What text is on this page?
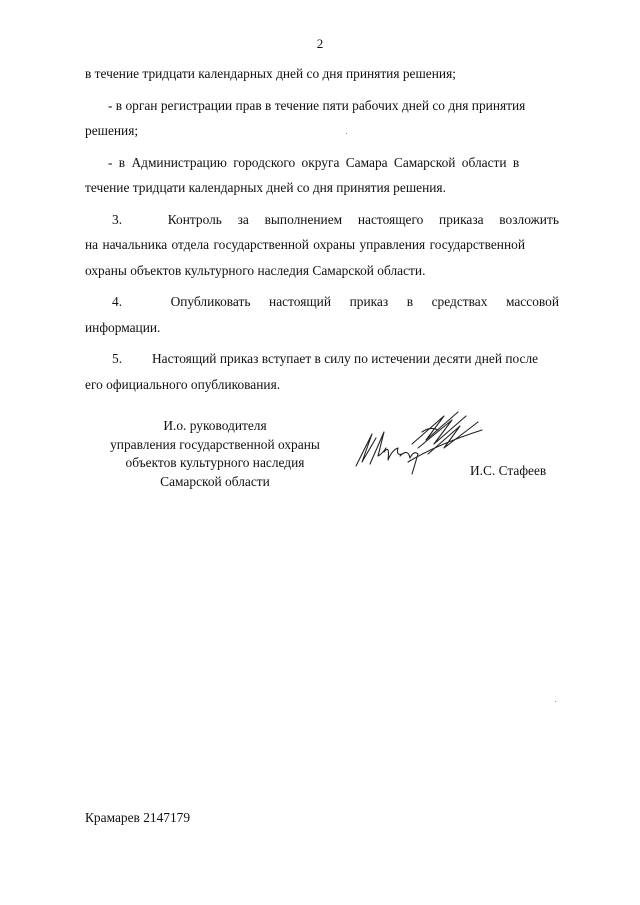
2
в течение тридцати календарных дней со дня принятия решения;
- в орган регистрации прав в течение пяти рабочих дней со дня принятия
решения;
- в Администрацию городского округа Самара Самарской области в
течение тридцати календарных дней со дня принятия решения.
3.	Контроль за выполнением настоящего приказа возложить
на начальника отдела государственной охраны управления государственной
охраны объектов культурного наследия Самарской области.
4.	Опубликовать настоящий приказ в средствах массовой
информации.
5.	Настоящий приказ вступает в силу по истечении десяти дней после
его официального опубликования.
И.о. руководителя
управления государственной охраны
объектов культурного наследия
Самарской области
И.С. Стафеев
Крамарев 2147179
